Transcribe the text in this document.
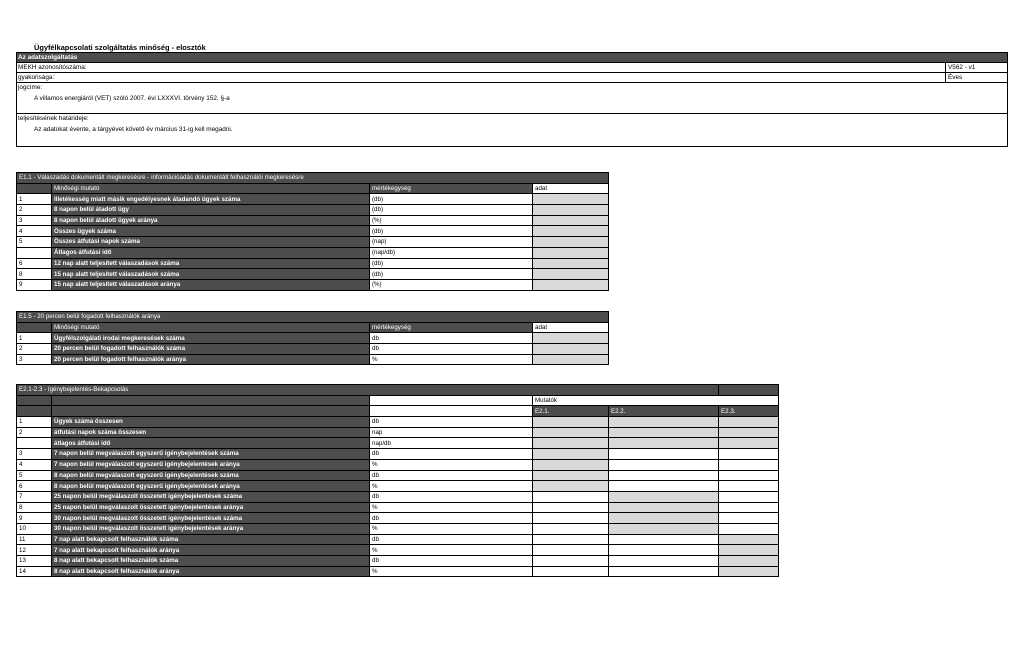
Ügyfélkapcsolati szolgáltatás minőség - elosztók
Az adatszolgáltatás
MEKH azonosítószáma:	V562 - v1
gyakorisága:	Éves
jogcíme:
A villamos energiáról (VET) szóló 2007. évi LXXXVI. törvény 152. §-a
teljesítésének határideje:
Az adatokat évente, a tárgyévet követő év március 31-ig kell megadni.
E1.1 - Válaszadás dokumentált megkeresésre - információadás dokumentált felhasználói megkeresésre			
	Minőségi mutató	mértékegység	adat
1	Illetékesség miatt másik engedélyesnek átadandó ügyek száma	(db)	
2	8 napon belül átadott ügy	(db)	
3	8 napon belül átadott ügyek aránya	(%)	
4	Összes ügyek száma	(db)	
5	Összes átfutási napok száma	(nap)	
	Átlagos átfutási idő	(nap/db)	
6	12 nap alatt teljesített válaszadások száma	(db)	
8	15 nap alatt teljesített válaszadások száma	(db)	
9	15 nap alatt teljesített válaszadások aránya	(%)	
E1.5 - 20 percen belül fogadott felhasználók aránya			
	Minőségi mutató	mértékegység	adat
1	Ügyfélszolgálati irodai megkeresések száma	db	
2	20 percen belül fogadott felhasználók száma	db	
3	20 percen belül fogadott felhasználók aránya	%	
E2.1-2.3 - Igénybejelentés-Bekapcsolás					
			Mutatók		
			E2.1.	E2.2.	E2.3.
1	Ügyek száma összesen	db			
2	átfutási napok száma összesen	nap			
	átlagos átfutási idő	nap/db			
3	7 napon belül megválaszolt egyszerű igénybejelentések száma	db			
4	7 napon belül megválaszolt egyszerű igénybejelentések aránya	%			
5	8 napon belül megválaszolt egyszerű igénybejelentések száma	db			
6	8 napon belül megválaszolt egyszerű igénybejelentések aránya	%			
7	25 napon belül megválaszolt összetett igénybejelentések száma	db			
8	25 napon belül megválaszolt összetett igénybejelentések aránya	%			
9	30 napon belül megválaszolt összetett igénybejelentések száma	db			
10	30 napon belül megválaszolt összetett igénybejelentések aránya	%			
11	7 nap alatt bekapcsolt felhasználók száma	db			
12	7 nap alatt bekapcsolt felhasználók aránya	%			
13	8 nap alatt bekapcsolt felhasználók száma	db			
14	8 nap alatt bekapcsolt felhasználók aránya	%			
